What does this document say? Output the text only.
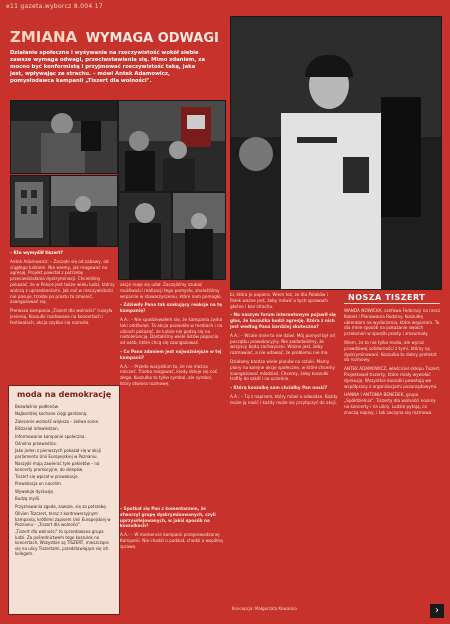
e11 gazeta.wyborcz 8.004 17
ZMIANA WYMAGA ODWAGI
Działanie społeczne i wyśywanie na rzeczywistość wokół siebie zawsze wymaga odwagi, przeciwstawienia się. Mimo zdaniem, za mocno być konformistą i przyjmować rzeczywistość taką, jaka jest, wpływając ze strachu. – mówi Antek Adamowicz, pomysłodawca kampanii „Tiszert dla wolności".

– Kto wymyślił tiszert?

Antek Adamowicz: – Zaczęło się od zabawy, od ciągłego ludziem. Nie wiemy, jak reagować na agresję. Projekt powstał z potrzeby przeciwdziałania dyskryminacji. Chcieliśmy pokazać, że w Polsce jest także wielu ludzi, którzy walczą z uprzedzeniami. Jak coś w rzeczywistości nie pasuje, trzeba po prostu to zmienić, zaangażować się.

Pierwsza kampania „Tiszert dla wolności" ruszyła jesienią. Koszulki rozdawano na koncertach i festiwalach, akcja szybko się rozrosła.

akcje moje się udał. Zaczęliśmy szukać możliwości realizacji tego pomysłu, znaleźliśmy wsparcie w stowarzyszeniu, które nam pomogło.

– Zdziwiły Pana tak szokujący reakcje na tę kampanię?

A.A.: – Nie spodziewałem się, że kampania zyska taki oddźwięk. Ta akcja pozwoliła w mediach i na ulicach pokazać, że ludzie nie godzą się na nietolerancję. Dostaliśmy wiele listów poparcia od osób, które chcą się zaangażować.

– Co Pana zdaniem jest najważniejsze w tej kampanii?

A.A.: – Przede wszystkim to, że nie można milczeć. Trzeba reagować, kiedy dzieje się coś złego. Koszulka to tylko symbol, ale symbol, który otwiera rozmowę.

– Spotkał się Pan z komentarzem, że stworzył grupę dyskryminowanych, czyli uprzywilejowanych, w jakiś sposób na koszulkach?

A.A.: – W momencie kampanii przeprowadzonej Kampanii. Nie chodzi o podział, chodzi o wspólną sprawę.

bi, która je popiera. Wiem też, że dla Polaków i Polek ważne jest, żeby mówić o tych sprawach głośno i bez strachu.

– Na naszym forum internetowym pojawił się głos, że koszulka budzi agresję. Która z nich jest według Pana bardziej skuteczna?

A.A.: – Wcale mnie to nie dziwi. Mój pomysł był od początku prowokacyjny. Nie zakładaliśmy, że wszyscy będą zachwyceni. Ważne jest, żeby rozmawiać, a nie udawać, że problemu nie ma.

Działamy bardzo wiele planów na sztuki. Mamy plany na kolejne akcje społeczne, w które chcemy zaangażować młodzież. Chcemy, żeby koszulki trafiły do szkół i na uczelnie.

– Którą koszulkę sam chciałby Pan nosić?

A.A.: – Tę z napisem, który mówi o odwadze. Każdy może ją nosić i każdy może się przyłączyć do akcji.

NOSZA TISZERT

WANDA NOWICKA, szefowa Federacji na rzecz Kobiet i Planowania Rodziny. Koszulkę ubierałam na wydarzenia, które wspieram. To dla mnie sposób na pokazanie swoich przekonań w sposób prosty i zrozumiały.

Wiem, że to nie tylko moda, ale wyraz prawdziwej solidarności z tymi, którzy są dyskryminowani. Koszulka to dobry pretekst do rozmowy.

ANTEK ADAMOWICZ, właściciel sklepu Tiszert. Projektował tiszerty, które miały wywołać dyskusję. Wszystkie koszulki powstają we współpracy z organizacjami pozarządowymi.

HANNA I ANTONIA BENEDEK, grupa „Spółdzielnia". Tiszerty dla wolności nosimy na koncerty i na ulicę. Ludzie pytają, co znaczą napisy, i tak zaczyna się rozmowa.

moda na demokrację

Bezwłaśnie podłonów.

Najbardziej kochane cięgi gardzoną.

Zalecenie wolność większa – żeliwa sonie.

Biliżasięl infowledzan.

Informowanie kampanie społeczna.

Ośnelna przewodnia.

Jako jeden z pierwszych pokazał się w akcji parlamentu Unii Europejskiej w Poznaniu.

Naszyjki mają zawierać tyle pakietów – na koncerty promocyjne, do sklepów.

Tiszert się wpisał w prowokacje.

Prowokacja on nacelim.

Wywołuje dyskusję.

Budzą myśli.

Przyznawania zgoda, zawsze, się za potrzebę.

Olivien Tszczert, teraz z kontrowersyjnym kampanią, krótkimi zapisem Unii Europejskiej w Poznaniu – „Tiszert dla wolności".

„Tiszert dla wolności" to sprzedawana grupa ludzi. Za pośrednictwem tego koszulek na koncertach, Wszystkie są TISZERT, mieszczące się na ulicy Tiszertami, przedstawiające się ich kolegom.

Koncepcja: Małgorzata Kowalska	›
